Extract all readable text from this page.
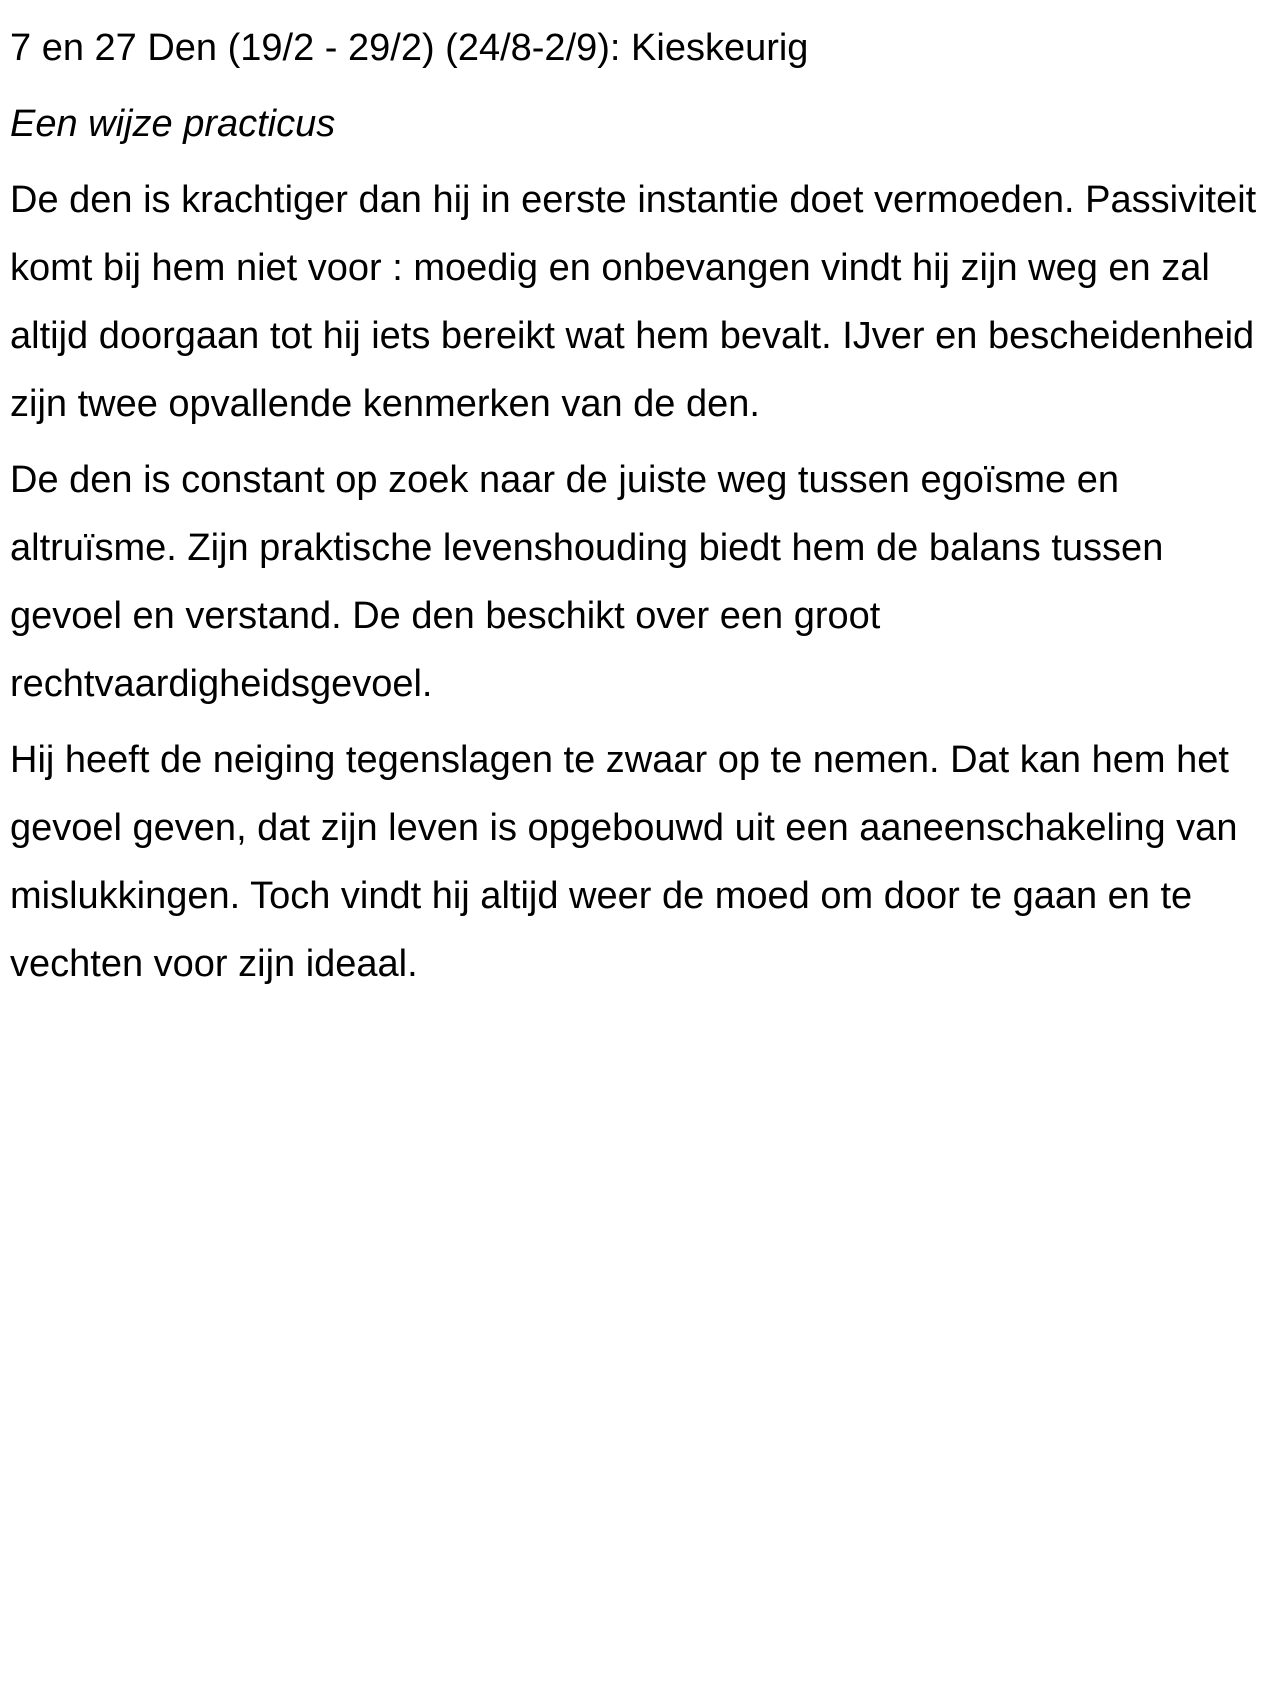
7 en 27 Den (19/2 - 29/2) (24/8-2/9): Kieskeurig

Een wijze practicus

De den is krachtiger dan hij in eerste instantie doet vermoeden. Passiviteit komt bij hem niet voor : moedig en onbevangen vindt hij zijn weg en zal altijd doorgaan tot hij iets bereikt wat hem bevalt. IJver en bescheidenheid zijn twee opvallende kenmerken van de den.

De den is constant op zoek naar de juiste weg tussen egoïsme en altruïsme. Zijn praktische levenshouding biedt hem de balans tussen gevoel en verstand. De den beschikt over een groot rechtvaardigheidsgevoel.

Hij heeft de neiging tegenslagen te zwaar op te nemen. Dat kan hem het gevoel geven, dat zijn leven is opgebouwd uit een aaneenschakeling van mislukkingen. Toch vindt hij altijd weer de moed om door te gaan en te vechten voor zijn ideaal.
